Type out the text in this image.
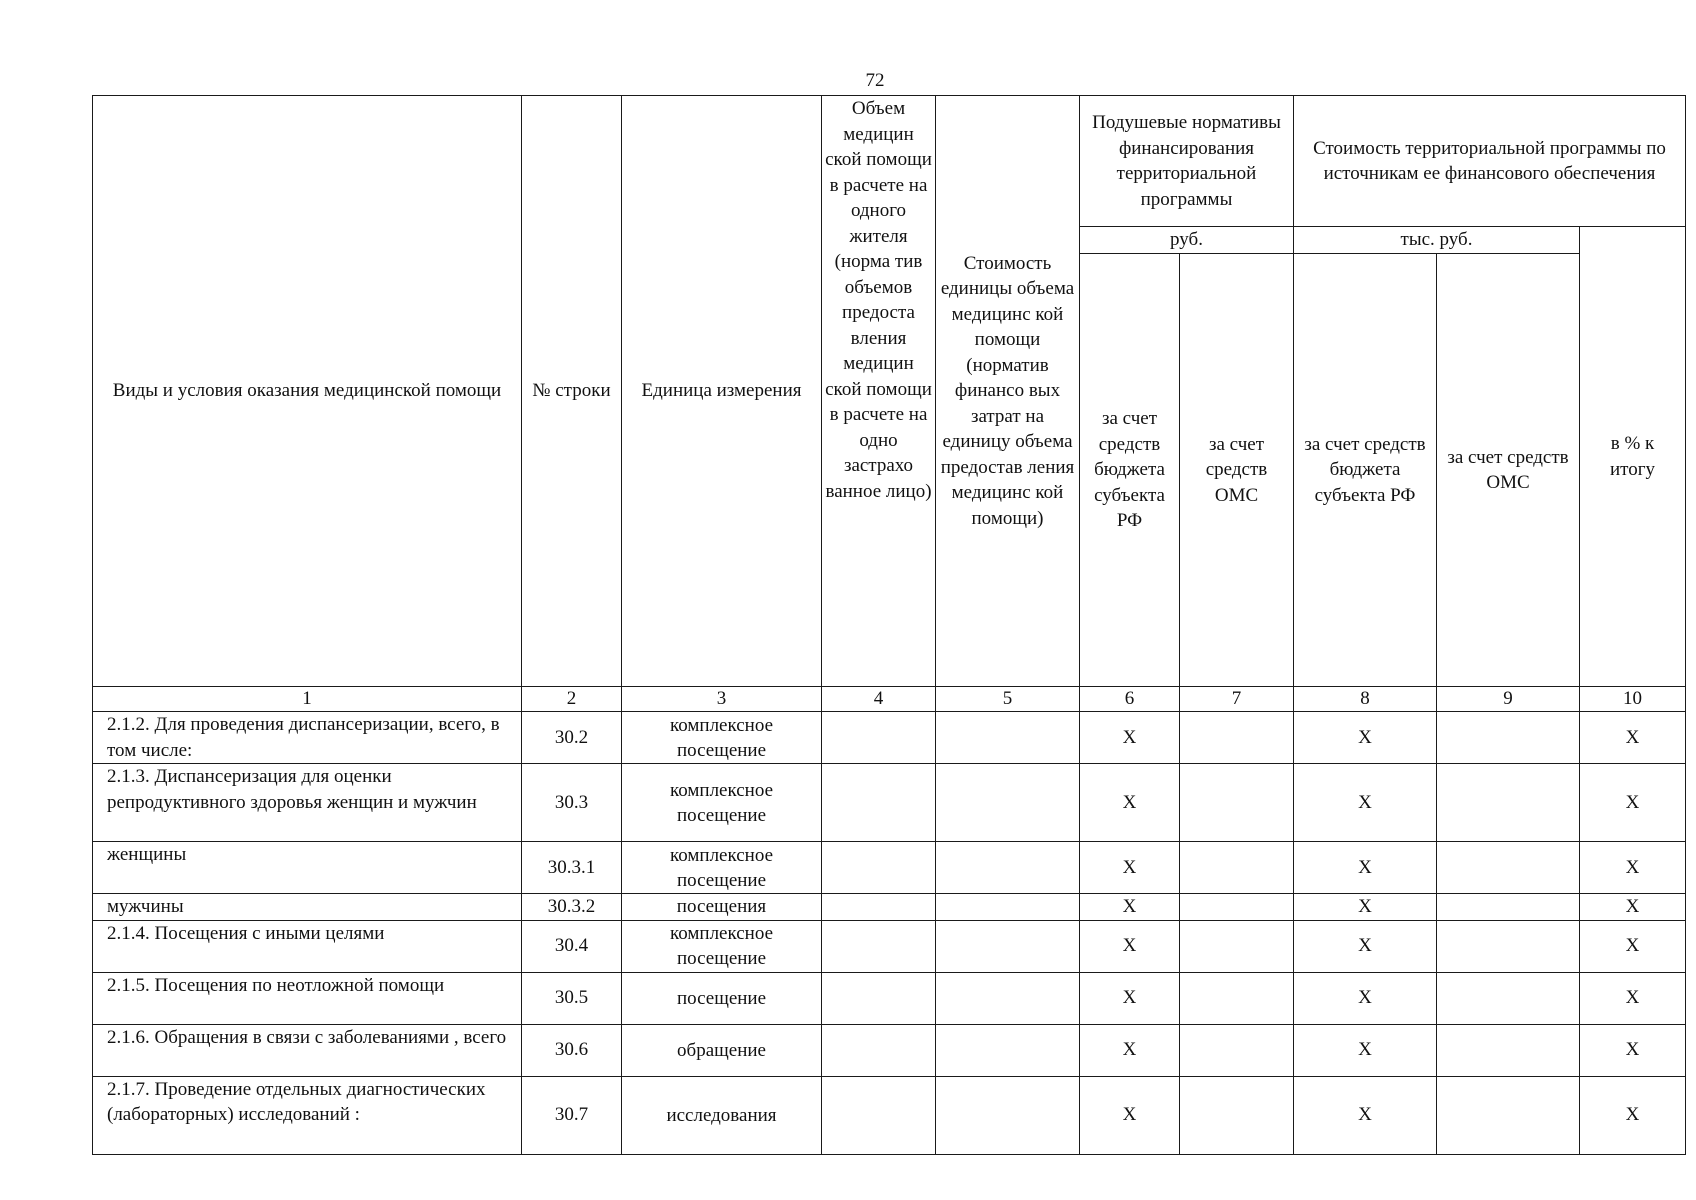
72
Виды и условия оказания медицинской помощи	№ строки	Единица измерения	Объем медицин ской помощи в расчете на одного жителя (норма тив объемов предоста вления медицин ской помощи в расчете на одно застрахо ванное лицо)	Стоимость единицы объема медицинс кой помощи (норматив финансо вых затрат на единицу объема предостав ления медицинс кой помощи)	Подушевые нормативы финансирования территориальной программы		Стоимость территориальной программы по источникам ее финансового обеспечения		
					руб.		тыс. руб.		в % к итогу
					за счет средств бюджета субъекта РФ	за счет средств ОМС	за счет средств бюджета субъекта РФ	за счет средств ОМС	
1	2	3	4	5	6	7	8	9	10
2.1.2. Для проведения диспансеризации, всего, в том числе:	30.2	комплексное посещение			X		X		X
2.1.3. Диспансеризация для оценки репродуктивного здоровья женщин и мужчин	30.3	комплексное посещение			X		X		X
женщины	30.3.1	комплексное посещение			X		X		X
мужчины	30.3.2	посещения			X		X		X
2.1.4. Посещения с иными целями	30.4	комплексное посещение			X		X		X
2.1.5. Посещения по неотложной помощи	30.5	посещение			X		X		X
2.1.6. Обращения в связи с заболеваниями , всего	30.6	обращение			X		X		X
2.1.7. Проведение отдельных диагностических (лабораторных) исследований :	30.7	исследования			X		X		X
